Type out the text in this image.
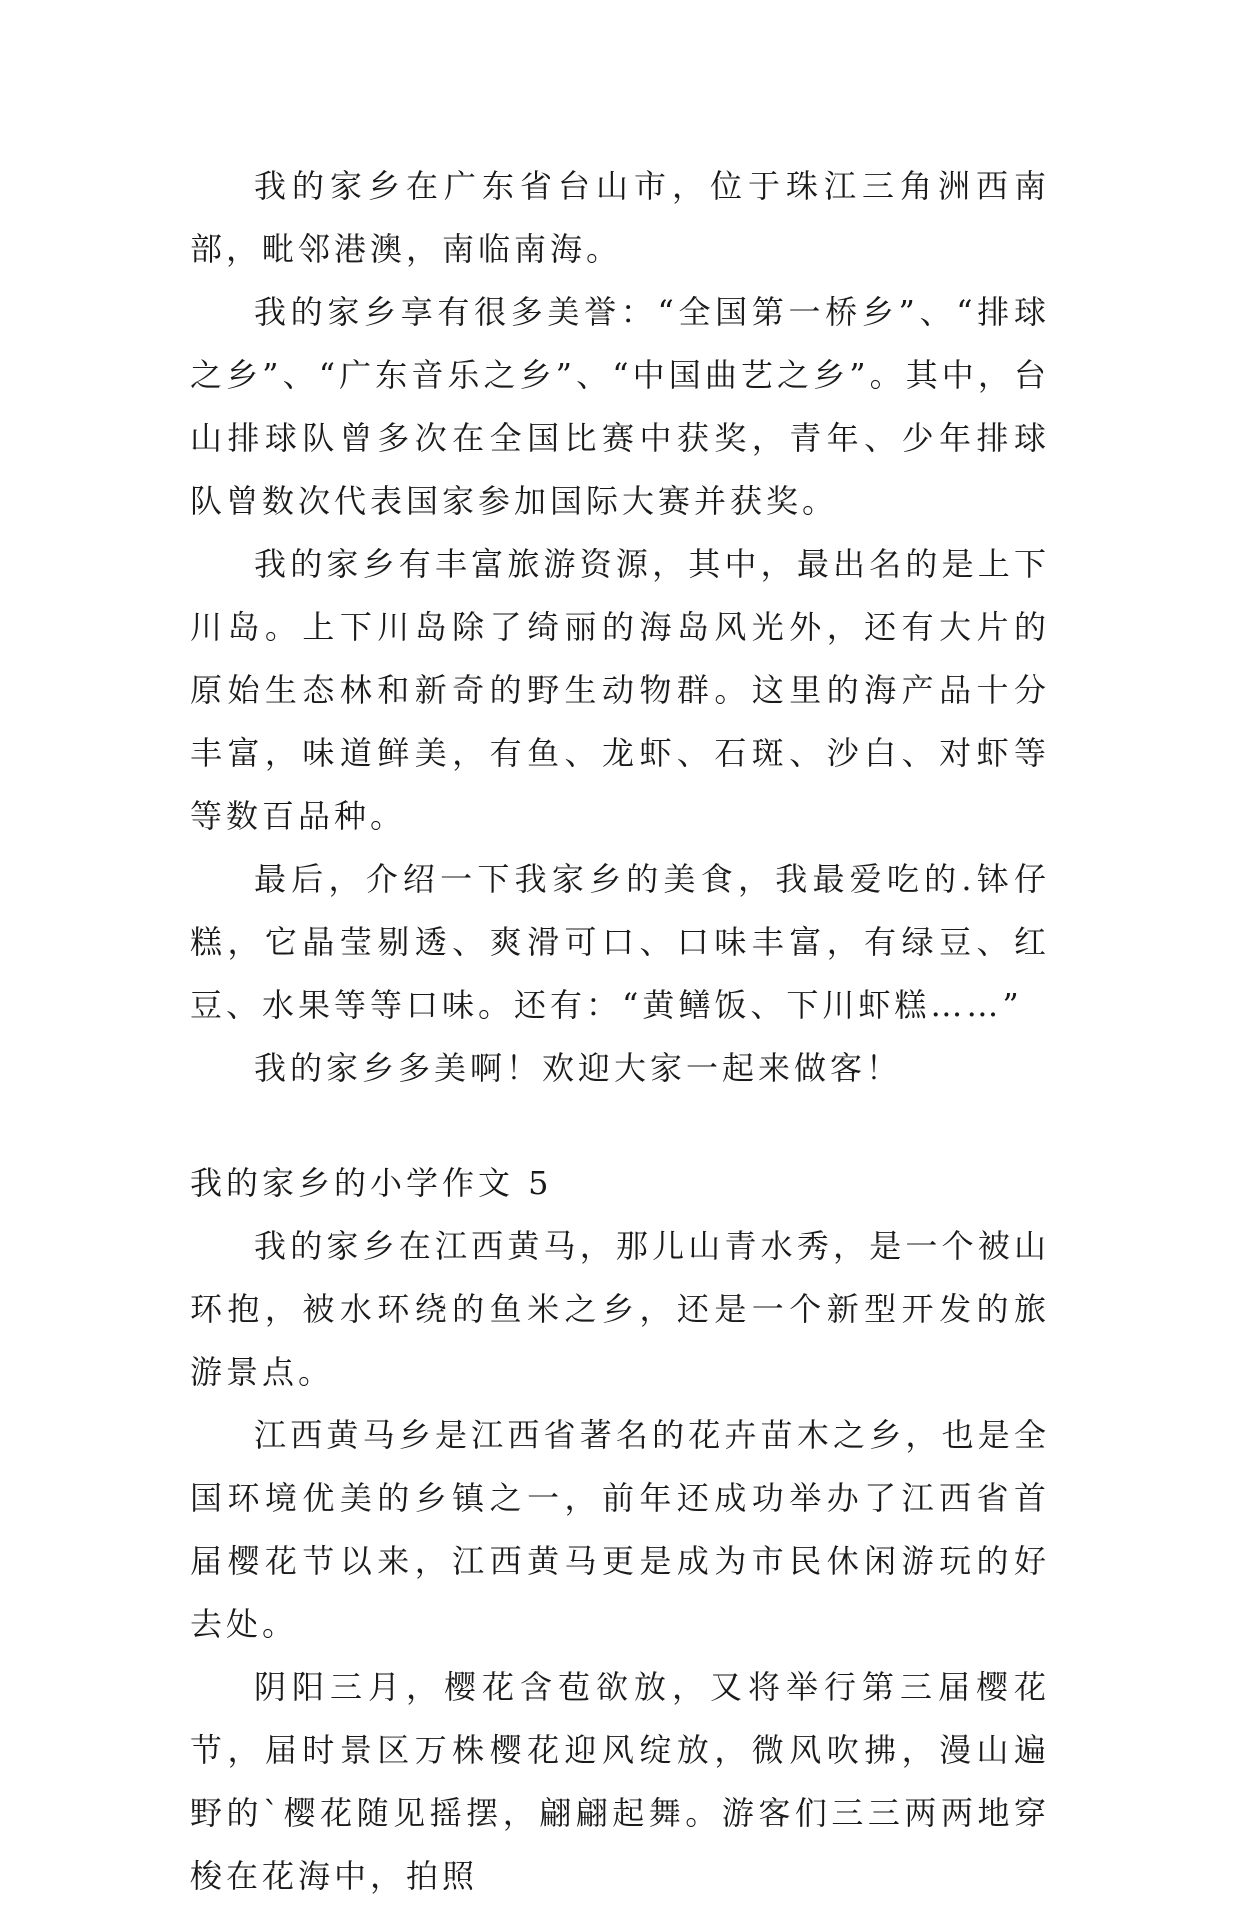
我的家乡在广东省台山市，位于珠江三角洲西南部，毗邻港澳，南临南海。

我的家乡享有很多美誉：“全国第一桥乡”、“排球之乡”、“广东音乐之乡”、“中国曲艺之乡”。其中，台山排球队曾多次在全国比赛中获奖，青年、少年排球队曾数次代表国家参加国际大赛并获奖。

我的家乡有丰富旅游资源，其中，最出名的是上下川岛。上下川岛除了绮丽的海岛风光外，还有大片的原始生态林和新奇的野生动物群。这里的海产品十分丰富，味道鲜美，有鱼、龙虾、石斑、沙白、对虾等等数百品种。

最后，介绍一下我家乡的美食，我最爱吃的.钵仔糕，它晶莹剔透、爽滑可口、口味丰富，有绿豆、红豆、水果等等口味。还有：“黄鳝饭、下川虾糕……”

我的家乡多美啊！欢迎大家一起来做客！

我的家乡的小学作文 5

我的家乡在江西黄马，那儿山青水秀，是一个被山环抱，被水环绕的鱼米之乡，还是一个新型开发的旅游景点。

江西黄马乡是江西省著名的花卉苗木之乡，也是全国环境优美的乡镇之一，前年还成功举办了江西省首届樱花节以来，江西黄马更是成为市民休闲游玩的好去处。

阴阳三月，樱花含苞欲放，又将举行第三届樱花节，届时景区万株樱花迎风绽放，微风吹拂，漫山遍野的`樱花随见摇摆，翩翩起舞。游客们三三两两地穿梭在花海中，拍照
